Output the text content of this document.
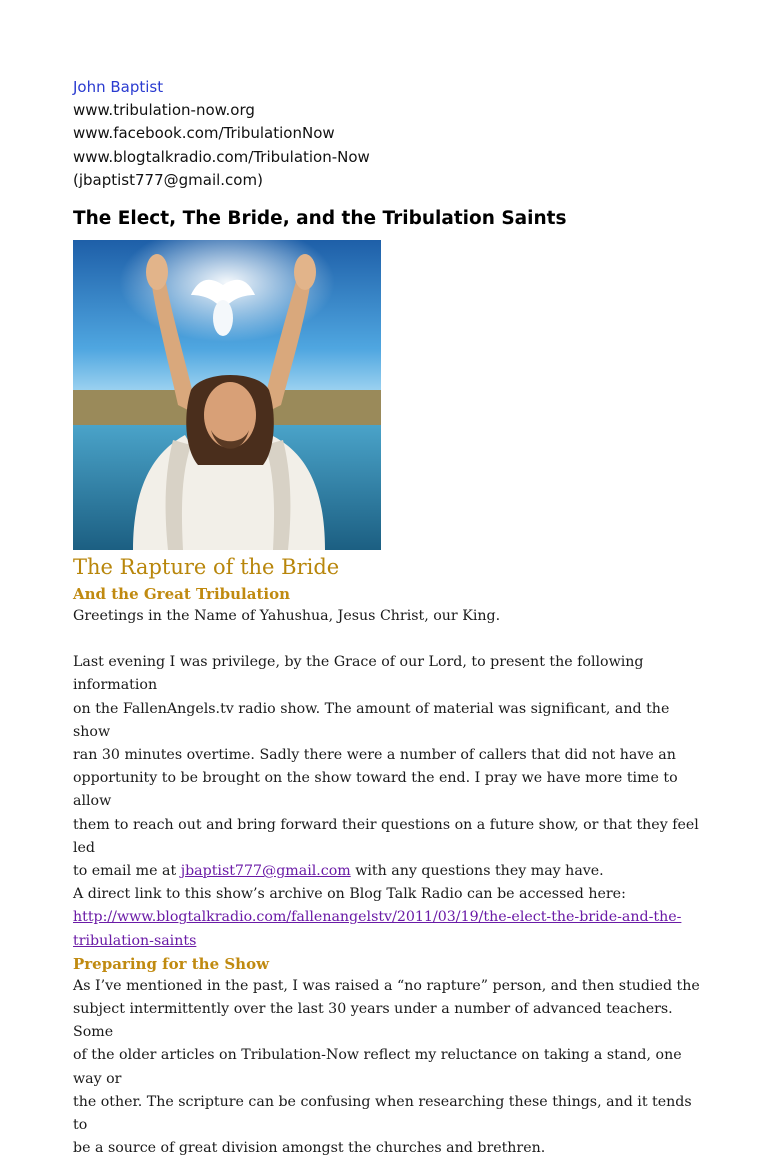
John Baptist
www.tribulation-now.org
www.facebook.com/TribulationNow
www.blogtalkradio.com/Tribulation-Now
(jbaptist777@gmail.com)
The Elect, The Bride, and the Tribulation Saints
The Rapture of the Bride
And the Great Tribulation
Greetings in the Name of Yahushua, Jesus Christ, our King.
Last evening I was privilege, by the Grace of our Lord, to present the following information
on the FallenAngels.tv radio show. The amount of material was significant, and the show
ran 30 minutes overtime. Sadly there were a number of callers that did not have an
opportunity to be brought on the show toward the end. I pray we have more time to allow
them to reach out and bring forward their questions on a future show, or that they feel led
to email me at jbaptist777@gmail.com with any questions they may have.
A direct link to this show’s archive on Blog Talk Radio can be accessed here:
http://www.blogtalkradio.com/fallenangelstv/2011/03/19/the-elect-the-bride-and-the-
tribulation-saints
Preparing for the Show
As I’ve mentioned in the past, I was raised a “no rapture” person, and then studied the
subject intermittently over the last 30 years under a number of advanced teachers. Some
of the older articles on Tribulation-Now reflect my reluctance on taking a stand, one way or
the other. The scripture can be confusing when researching these things, and it tends to
be a source of great division amongst the churches and brethren.
